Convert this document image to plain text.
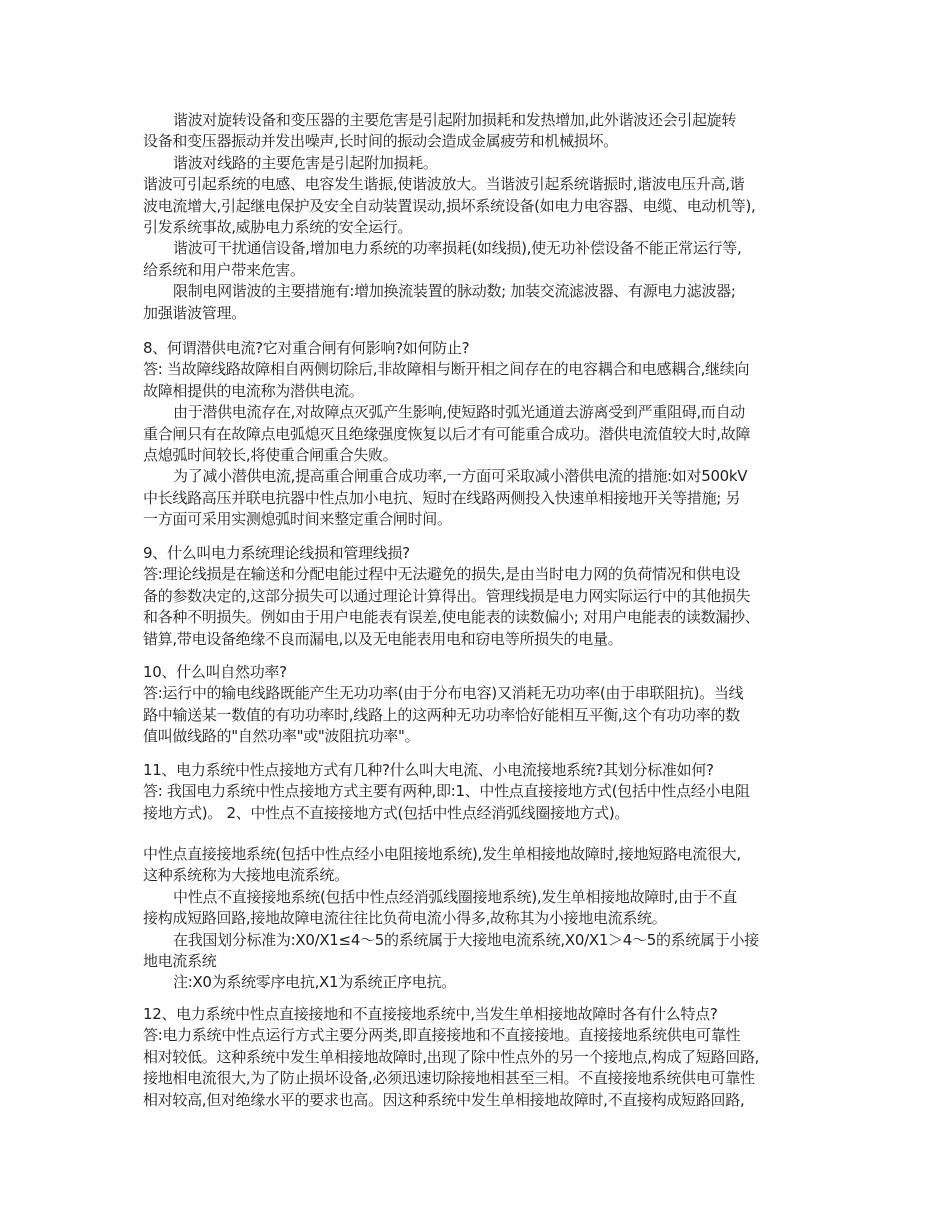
谐波对旋转设备和变压器的主要危害是引起附加损耗和发热增加,此外谐波还会引起旋转
设备和变压器振动并发出噪声,长时间的振动会造成金属疲劳和机械损坏。
谐波对线路的主要危害是引起附加损耗。
谐波可引起系统的电感、电容发生谐振,使谐波放大。当谐波引起系统谐振时,谐波电压升高,谐
波电流增大,引起继电保护及安全自动装置误动,损坏系统设备(如电力电容器、电缆、电动机等),
引发系统事故,威胁电力系统的安全运行。
谐波可干扰通信设备,增加电力系统的功率损耗(如线损),使无功补偿设备不能正常运行等,
给系统和用户带来危害。
限制电网谐波的主要措施有:增加换流装置的脉动数; 加装交流滤波器、有源电力滤波器;
加强谐波管理。
8、何谓潜供电流?它对重合闸有何影响?如何防止?
答: 当故障线路故障相自两侧切除后,非故障相与断开相之间存在的电容耦合和电感耦合,继续向
故障相提供的电流称为潜供电流。
由于潜供电流存在,对故障点灭弧产生影响,使短路时弧光通道去游离受到严重阻碍,而自动
重合闸只有在故障点电弧熄灭且绝缘强度恢复以后才有可能重合成功。潜供电流值较大时,故障
点熄弧时间较长,将使重合闸重合失败。
为了减小潜供电流,提高重合闸重合成功率,一方面可采取减小潜供电流的措施:如对500kV
中长线路高压并联电抗器中性点加小电抗、短时在线路两侧投入快速单相接地开关等措施; 另
一方面可采用实测熄弧时间来整定重合闸时间。
9、什么叫电力系统理论线损和管理线损?
答:理论线损是在输送和分配电能过程中无法避免的损失,是由当时电力网的负荷情况和供电设
备的参数决定的,这部分损失可以通过理论计算得出。管理线损是电力网实际运行中的其他损失
和各种不明损失。例如由于用户电能表有误差,使电能表的读数偏小; 对用户电能表的读数漏抄、
错算,带电设备绝缘不良而漏电,以及无电能表用电和窃电等所损失的电量。
10、什么叫自然功率?
答:运行中的输电线路既能产生无功功率(由于分布电容)又消耗无功功率(由于串联阻抗)。当线
路中输送某一数值的有功功率时,线路上的这两种无功功率恰好能相互平衡,这个有功功率的数
值叫做线路的"自然功率"或"波阻抗功率"。
11、电力系统中性点接地方式有几种?什么叫大电流、小电流接地系统?其划分标准如何?
答: 我国电力系统中性点接地方式主要有两种,即:1、中性点直接接地方式(包括中性点经小电阻
接地方式)。 2、中性点不直接接地方式(包括中性点经消弧线圈接地方式)。
中性点直接接地系统(包括中性点经小电阻接地系统),发生单相接地故障时,接地短路电流很大,
这种系统称为大接地电流系统。
中性点不直接接地系统(包括中性点经消弧线圈接地系统),发生单相接地故障时,由于不直
接构成短路回路,接地故障电流往往比负荷电流小得多,故称其为小接地电流系统。
在我国划分标准为:X0/X1≤4～5的系统属于大接地电流系统,X0/X1＞4～5的系统属于小接
地电流系统
注:X0为系统零序电抗,X1为系统正序电抗。
12、电力系统中性点直接接地和不直接接地系统中,当发生单相接地故障时各有什么特点?
答:电力系统中性点运行方式主要分两类,即直接接地和不直接接地。直接接地系统供电可靠性
相对较低。这种系统中发生单相接地故障时,出现了除中性点外的另一个接地点,构成了短路回路,
接地相电流很大,为了防止损坏设备,必须迅速切除接地相甚至三相。不直接接地系统供电可靠性
相对较高,但对绝缘水平的要求也高。因这种系统中发生单相接地故障时,不直接构成短路回路,
